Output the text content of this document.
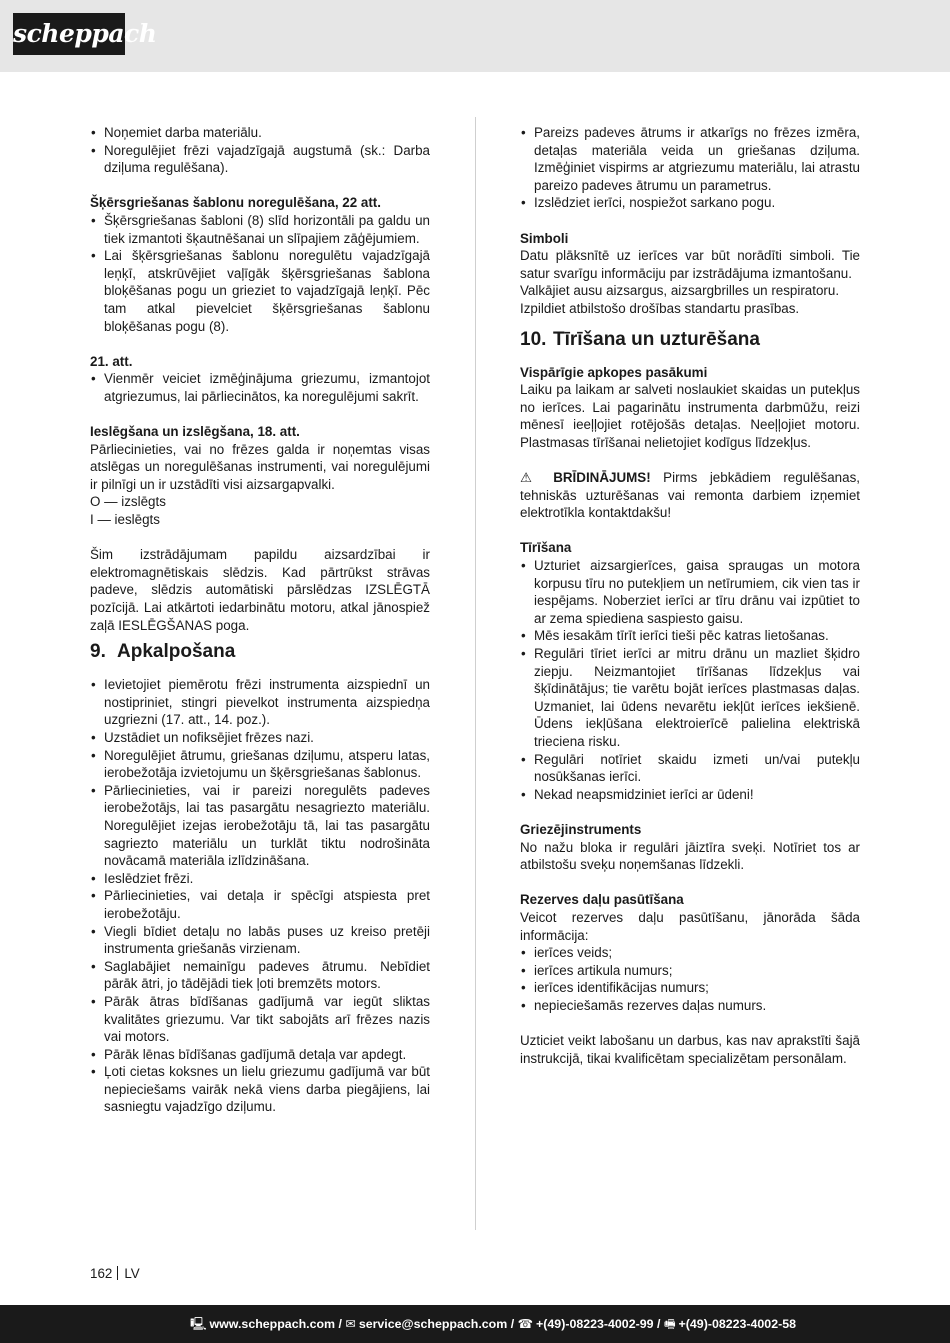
scheppach
• Noņemiet darba materiālu.
• Noregulējiet frēzi vajadzīgajā augstumā (sk.: Darba dziļuma regulēšana).

Šķērsgriešanas šablonu noregulēšana, 22 att.

• Šķērsgriešanas šabloni (8) slīd horizontāli pa galdu un tiek izmantoti šķautnēšanai un slīpajiem zāģējumiem.
• Lai šķērsgriešanas šablonu noregulētu vajadzīgajā leņķī, atskrūvējiet vaļīgāk šķērsgriešanas šablona bloķēšanas pogu un grieziet to vajadzīgajā leņķī. Pēc tam atkal pievelciet šķērsgriešanas šablonu bloķēšanas pogu (8).

21. att.

• Vienmēr veiciet izmēģinājuma griezumu, izmantojot atgriezumus, lai pārliecinātos, ka noregulējumi sakrīt.

Ieslēgšana un izslēgšana, 18. att.

Pārliecinieties, vai no frēzes galda ir noņemtas visas atslēgas un noregulēšanas instrumenti, vai noregulējumi ir pilnīgi un ir uzstādīti visi aizsargapvalki.

O — izslēgts

I — ieslēgts

Šim izstrādājumam papildu aizsardzībai ir elektromagnētiskais slēdzis. Kad pārtrūkst strāvas padeve, slēdzis automātiski pārslēdzas IZSLĒGTĀ pozīcijā. Lai atkārtoti iedarbinātu motoru, atkal jānospiež zaļā IESLĒGŠANAS poga.

9. Apkalpošana
• Ievietojiet piemērotu frēzi instrumenta aizspiednī un nostipriniet, stingri pievelkot instrumenta aizspiedņa uzgriezni (17. att., 14. poz.).
• Uzstādiet un nofiksējiet frēzes nazi.
• Noregulējiet ātrumu, griešanas dziļumu, atsperu latas, ierobežotāja izvietojumu un šķērsgriešanas šablonus.
• Pārliecinieties, vai ir pareizi noregulēts padeves ierobežotājs, lai tas pasargātu nesagriezto materiālu. Noregulējiet izejas ierobežotāju tā, lai tas pasargātu sagriezto materiālu un turklāt tiktu nodrošināta novācamā materiāla izlīdzināšana.
• Ieslēdziet frēzi.
• Pārliecinieties, vai detaļa ir spēcīgi atspiesta pret ierobežotāju.
• Viegli bīdiet detaļu no labās puses uz kreiso pretēji instrumenta griešanās virzienam.
• Saglabājiet nemainīgu padeves ātrumu. Nebīdiet pārāk ātri, jo tādējādi tiek ļoti bremzēts motors.
• Pārāk ātras bīdīšanas gadījumā var iegūt sliktas kvalitātes griezumu. Var tikt sabojāts arī frēzes nazis vai motors.
• Pārāk lēnas bīdīšanas gadījumā detaļa var apdegt.
• Ļoti cietas koksnes un lielu griezumu gadījumā var būt nepieciešams vairāk nekā viens darba piegājiens, lai sasniegtu vajadzīgo dziļumu.
• Pareizs padeves ātrums ir atkarīgs no frēzes izmēra, detaļas materiāla veida un griešanas dziļuma. Izmēģiniet vispirms ar atgriezumu materiālu, lai atrastu pareizo padeves ātrumu un parametrus.
• Izslēdziet ierīci, nospiežot sarkano pogu.

Simboli

Datu plāksnītē uz ierīces var būt norādīti simboli. Tie satur svarīgu informāciju par izstrādājuma izmantošanu.

Valkājiet ausu aizsargus, aizsargbrilles un respiratoru.

Izpildiet atbilstošo drošības standartu prasības.

10. Tīrīšana un uzturēšana

Vispārīgie apkopes pasākumi

Laiku pa laikam ar salveti noslaukiet skaidas un putekļus no ierīces. Lai pagarinātu instrumenta darbmūžu, reizi mēnesī ieeļļojiet rotējošās detaļas. Neeļļojiet motoru. Plastmasas tīrīšanai nelietojiet kodīgus līdzekļus.

⚠ BRĪDINĀJUMS! Pirms jebkādiem regulēšanas, tehniskās uzturēšanas vai remonta darbiem izņemiet elektrotīkla kontaktdakšu!

Tīrīšana

• Uzturiet aizsargierīces, gaisa spraugas un motora korpusu tīru no putekļiem un netīrumiem, cik vien tas ir iespējams. Noberziet ierīci ar tīru drānu vai izpūtiet to ar zema spiediena saspiesto gaisu.
• Mēs iesakām tīrīt ierīci tieši pēc katras lietošanas.
• Regulāri tīriet ierīci ar mitru drānu un mazliet šķidro ziepju. Neizmantojiet tīrīšanas līdzekļus vai šķīdinātājus; tie varētu bojāt ierīces plastmasas daļas. Uzmaniet, lai ūdens nevarētu iekļūt ierīces iekšienē. Ūdens iekļūšana elektroierīcē palielina elektriskā trieciena risku.
• Regulāri notīriet skaidu izmeti un/vai putekļu nosūkšanas ierīci.
• Nekad neapsmidziniet ierīci ar ūdeni!

Griezējinstruments

No nažu bloka ir regulāri jāiztīra sveķi. Notīriet tos ar atbilstošu sveķu noņemšanas līdzekli.

Rezerves daļu pasūtīšana

Veicot rezerves daļu pasūtīšanu, jānorāda šāda informācija:

• ierīces veids;
• ierīces artikula numurs;
• ierīces identifikācijas numurs;
• nepieciešamās rezerves daļas numurs.

Uzticiet veikt labošanu un darbus, kas nav aprakstīti šajā instrukcijā, tikai kvalificētam specializētam personālam.

162 LV
🖳 www.scheppach.com / ✉ service@scheppach.com / ☎ +(49)-08223-4002-99 / 🖷 +(49)-08223-4002-58
